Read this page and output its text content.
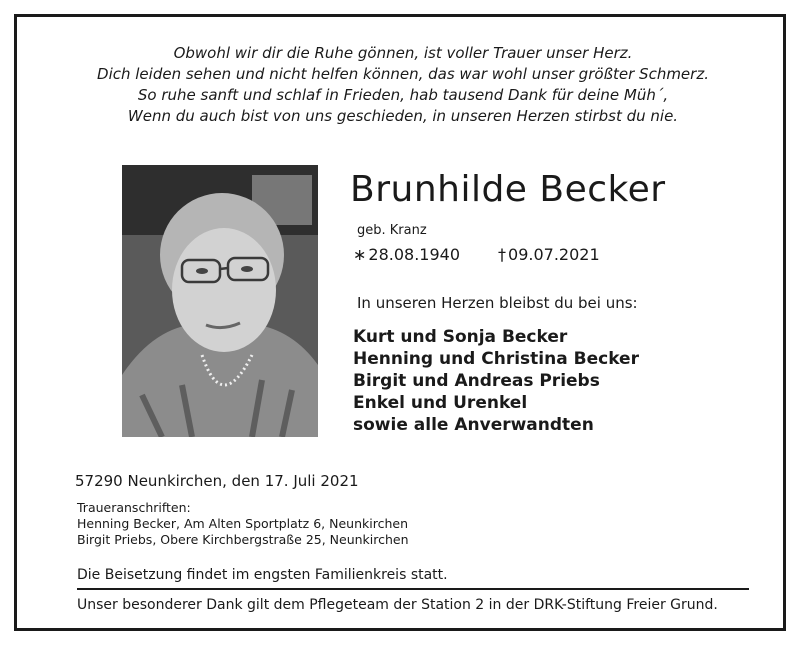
Obwohl wir dir die Ruhe gönnen, ist voller Trauer unser Herz.
Dich leiden sehen und nicht helfen können, das war wohl unser größter Schmerz.
So ruhe sanft und schlaf in Frieden, hab tausend Dank für deine Müh´,
Wenn du auch bist von uns geschieden, in unseren Herzen stirbst du nie.
Brunhilde Becker
geb. Kranz
∗ 28.08.1940 † 09.07.2021
In unseren Herzen bleibst du bei uns:
Kurt und Sonja Becker
Henning und Christina Becker
Birgit und Andreas Priebs
Enkel und Urenkel
sowie alle Anverwandten
57290 Neunkirchen, den 17. Juli 2021
Traueranschriften:
Henning Becker, Am Alten Sportplatz 6, Neunkirchen
Birgit Priebs, Obere Kirchbergstraße 25, Neunkirchen
Die Beisetzung findet im engsten Familienkreis statt.
Unser besonderer Dank gilt dem Pflegeteam der Station 2 in der DRK-Stiftung Freier Grund.
